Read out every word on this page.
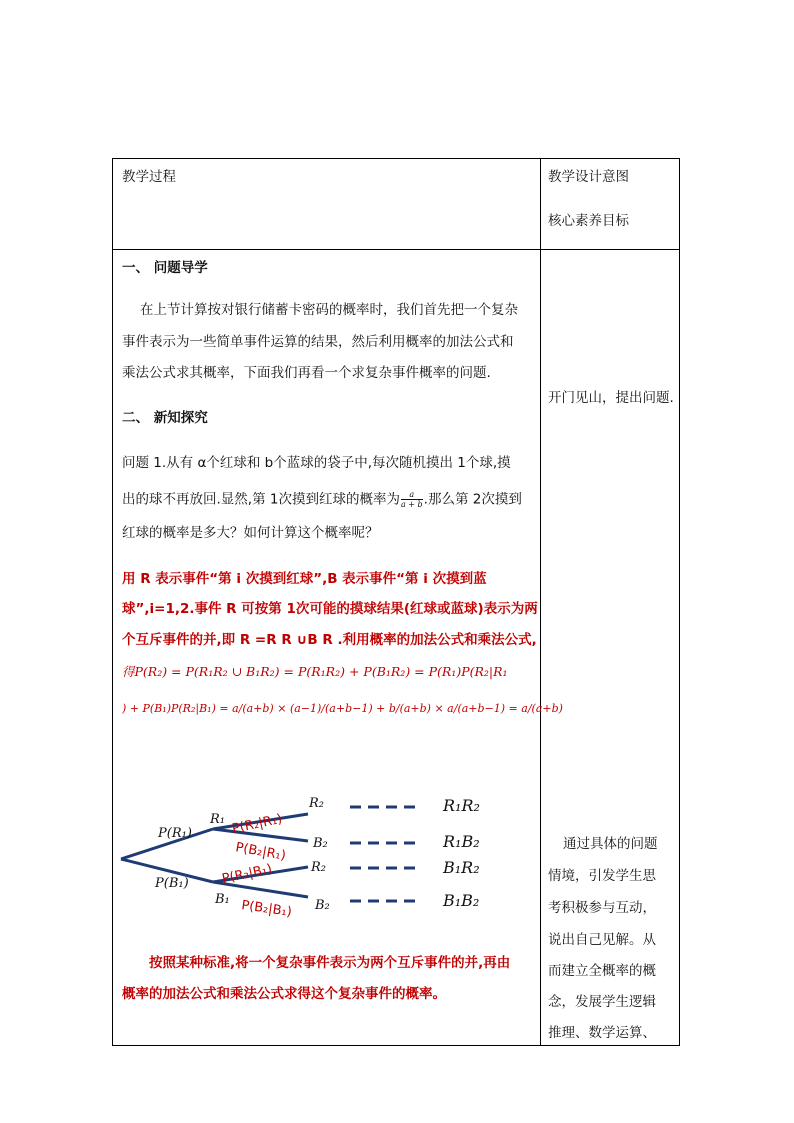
教学过程	教学设计意图
核心素养目标
一、 问题导学
在上节计算按对银行储蓄卡密码的概率时，我们首先把一个复杂
事件表示为一些简单事件运算的结果，然后利用概率的加法公式和
乘法公式求其概率，下面我们再看一个求复杂事件概率的问题.
二、 新知探究
问题 1.从有 α个红球和 b个蓝球的袋子中,每次随机摸出 1个球,摸
出的球不再放回.显然,第 1次摸到红球的概率为 $\frac{a}{a + b}$ .那么第 2次摸到
红球的概率是多大？如何计算这个概率呢？
用 R 表示事件“第 i 次摸到红球”,B 表示事件“第 i 次摸到蓝
球”,i=1,2.事件 R 可按第 1次可能的摸球结果(红球或蓝球)表示为两
个互斥事件的并,即 R =R R ∪B R .利用概率的加法公式和乘法公式,
得P(R₂) = P(R₁R₂ ∪ B₁R₂) = P(R₁R₂) + P(B₁R₂) = P(R₁)P(R₂|R₁
) + P(B₁)P(R₂|B₁) = a/(a+b) × (a−1)/(a+b−1) + b/(a+b) × a/(a+b−1) = a/(a+b)
P(R₁)
P(B₁)
R₁
B₁
R₂
B₂
R₂
B₂
R₁R₂
R₁B₂
B₁R₂
B₁B₂
P(R₂|R₁)
P(B₂|R₁)
P(R₂|B₁)
P(B₂|B₁)
按照某种标准,将一个复杂事件表示为两个互斥事件的并,再由
概率的加法公式和乘法公式求得这个复杂事件的概率。
开门见山，提出问题.
通过具体的问题
情境，引发学生思
考积极参与互动，
说出自己见解。从
而建立全概率的概
念，发展学生逻辑
推理、数学运算、
